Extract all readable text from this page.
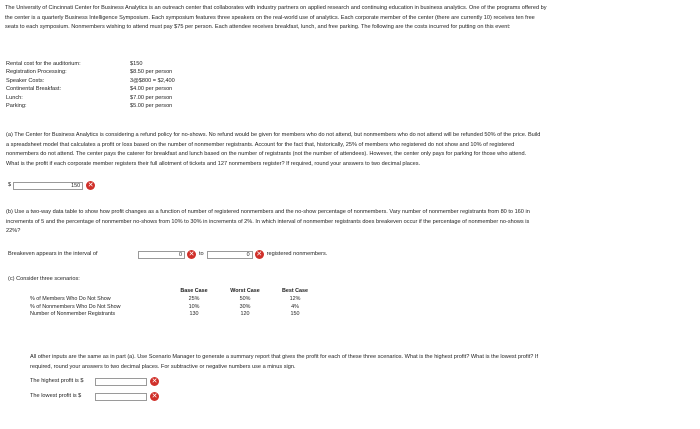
The University of Cincinnati Center for Business Analytics is an outreach center that collaborates with industry partners on applied research and continuing education in business analytics. One of the programs offered by
the center is a quarterly Business Intelligence Symposium. Each symposium features three speakers on the real-world use of analytics. Each corporate member of the center (there are currently 10) receives ten free
seats to each symposium. Nonmembers wishing to attend must pay $75 per person. Each attendee receives breakfast, lunch, and free parking. The following are the costs incurred for putting on this event:
Rental cost for the auditorium:	$150
Registration Processing:	$8.50 per person
Speaker Costs:	3@$800 = $2,400
Continental Breakfast:	$4.00 per person
Lunch:	$7.00 per person
Parking:	$5.00 per person
(a) The Center for Business Analytics is considering a refund policy for no-shows. No refund would be given for members who do not attend, but nonmembers who do not attend will be refunded 50% of the price. Build
a spreadsheet model that calculates a profit or loss based on the number of nonmember registrants. Account for the fact that, historically, 25% of members who registered do not show and 10% of registered
nonmembers do not attend. The center pays the caterer for breakfast and lunch based on the number of registrants (not the number of attendees). However, the center only pays for parking for those who attend.
What is the profit if each corporate member registers their full allotment of tickets and 127 nonmembers register? If required, round your answers to two decimal places.
$	150	✕
(b) Use a two-way data table to show how profit changes as a function of number of registered nonmembers and the no-show percentage of nonmembers. Vary number of nonmember registrants from 80 to 160 in
increments of 5 and the percentage of nonmember no-shows from 10% to 30% in increments of 2%. In which interval of nonmember registrants does breakeven occur if the percentage of nonmember no-shows is
22%?
Breakeven appears in the interval of	0 ✕ to	0 ✕ registered nonmembers.
(c) Consider three scenarios:
	Base Case	Worst Case	Best Case
% of Members Who Do Not Show	25%	50%	12%
% of Nonmembers Who Do Not Show	10%	30%	4%
Number of Nonmember Registrants	130	120	150
All other inputs are the same as in part (a). Use Scenario Manager to generate a summary report that gives the profit for each of these three scenarios. What is the highest profit? What is the lowest profit? If
required, round your answers to two decimal places. For subtractive or negative numbers use a minus sign.
The highest profit is $	✕
The lowest profit is $	✕
